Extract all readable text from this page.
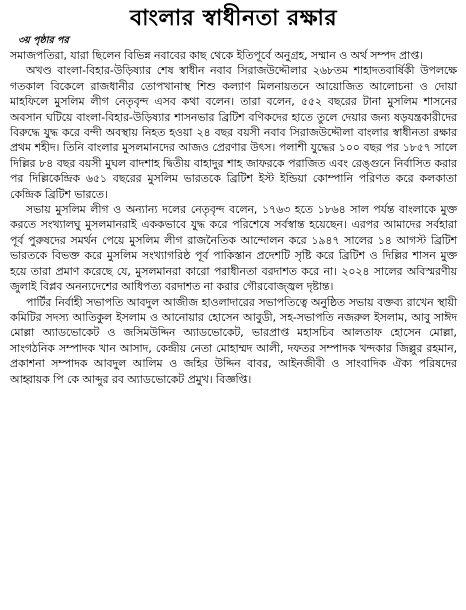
বাংলার স্বাধীনতা রক্ষার
৩য় পৃষ্ঠার পর

সমাজপতিরা, যারা ছিলেন বিভিন্ন নবাবের কাছ থেকে ইতিপূর্বে অনুগ্রহ, সম্মান ও অর্থ সম্পদ প্রাপ্ত।

অখণ্ড বাংলা-বিহার-উড়িষ্যার শেষ স্বাধীন নবাব সিরাজউদ্দৌলার ২৬৮তম শাহাদতবার্ষিকী উপলক্ষে গতকাল বিকেলে রাজধানীর তোপখানাস্থ শিশু কল্যাণ মিলনায়তনে আয়োজিত আলোচনা ও দোয়া মাহফিলে মুসলিম লীগ নেতৃবৃন্দ এসব কথা বলেন। তারা বলেন, ৫৫২ বছরের টানা মুসলিম শাসনের অবসান ঘটিয়ে বাংলা-বিহার-উড়িষ্যার শাসনভার ব্রিটিশ বণিকদের হাতে তুলে দেয়ার জন্য ষড়যন্ত্রকারীদের বিরুদ্ধে যুদ্ধ করে বন্দী অবস্থায় নিহত হওয়া ২৪ বছর বয়সী নবাব সিরাজউদ্দৌলা বাংলার স্বাধীনতা রক্ষার প্রথম শহীদ। তিনি বাংলার মুসলমানদের আজও প্রেরণার উৎস। পলাশী যুদ্ধের ১০০ বছর পর ১৮৫৭ সালে দিল্লির ৮৪ বছর বয়সী মুঘল বাদশাহ দ্বিতীয় বাহাদুর শাহ জাফরকে পরাজিত এবং রেঙ্গুনে নির্বাসিত করার পর দিল্লিকেন্দ্রিক ৬৫১ বছরের মুসলিম ভারতকে ব্রিটিশ ইস্ট ইন্ডিয়া কোম্পানি পরিণত করে কলকাতা কেন্দ্রিক ব্রিটিশ ভারতে।

সভায় মুসলিম লীগ ও অন্যান্য দলের নেতৃবৃন্দ বলেন, ১৭৬৩ হতে ১৮৬৪ সাল পর্যন্ত বাংলাকে মুক্ত করতে সংখ্যালঘু মুসলমানরাই এককভাবে যুদ্ধ করে পরিশেষে সর্বস্বান্ত হয়েছেন। এরপর আমাদের সর্বহারা পূর্ব পুরুষদের সমর্থন পেয়ে মুসলিম লীগ রাজনৈতিক আন্দোলন করে ১৯৪৭ সালের ১৪ আগস্ট ব্রিটিশ ভারতকে বিভক্ত করে মুসলিম সংখ্যাগরিষ্ঠ পূর্ব পাকিস্তান প্রদেশটি সৃষ্টি করে ব্রিটিশ ও দিল্লির শাসন মুক্ত হয়ে তারা প্রমাণ করেছে যে, মুসলমানরা কারো পরাধীনতা বরদাশত করে না। ২০২৪ সালের অবিস্মরণীয় জুলাই বিপ্লব অনন্যদেশের আধিপত্য বরদাশত না করার গৌরবোজ্জ্বল দৃষ্টান্ত।

পার্টির নির্বাহী সভাপতি আবদুল আজীজ হাওলাদারের সভাপতিত্বে অনুষ্ঠিত সভায় বক্তব্য রাখেন স্থায়ী কমিটির সদস্য আতিকুল ইসলাম ও আনোয়ার হোসেন আবুডী, সহ-সভাপতি নজরুল ইসলাম, আবু সাঈদ মোল্লা অ্যাডভোকেট ও জসিমউদ্দিন অ্যাডভোকেট, ভারপ্রাপ্ত মহাসচিব আলতাফ হোসেন মোল্লা, সাংগঠনিক সম্পাদক খান আসাদ, কেন্দ্রীয় নেতা মোহাম্মদ আলী, দফতর সম্পাদক খন্দকার জিল্লুর রহমান, প্রকাশনা সম্পাদক আবদুল আলিম ও জহির উদ্দিন বাবর, আইনজীবী ও সাংবাদিক ঐক্য পরিষদের আহ্বায়ক পি কে আব্দুর রব অ্যাডভোকেট প্রমুখ। বিজ্ঞপ্তি।
